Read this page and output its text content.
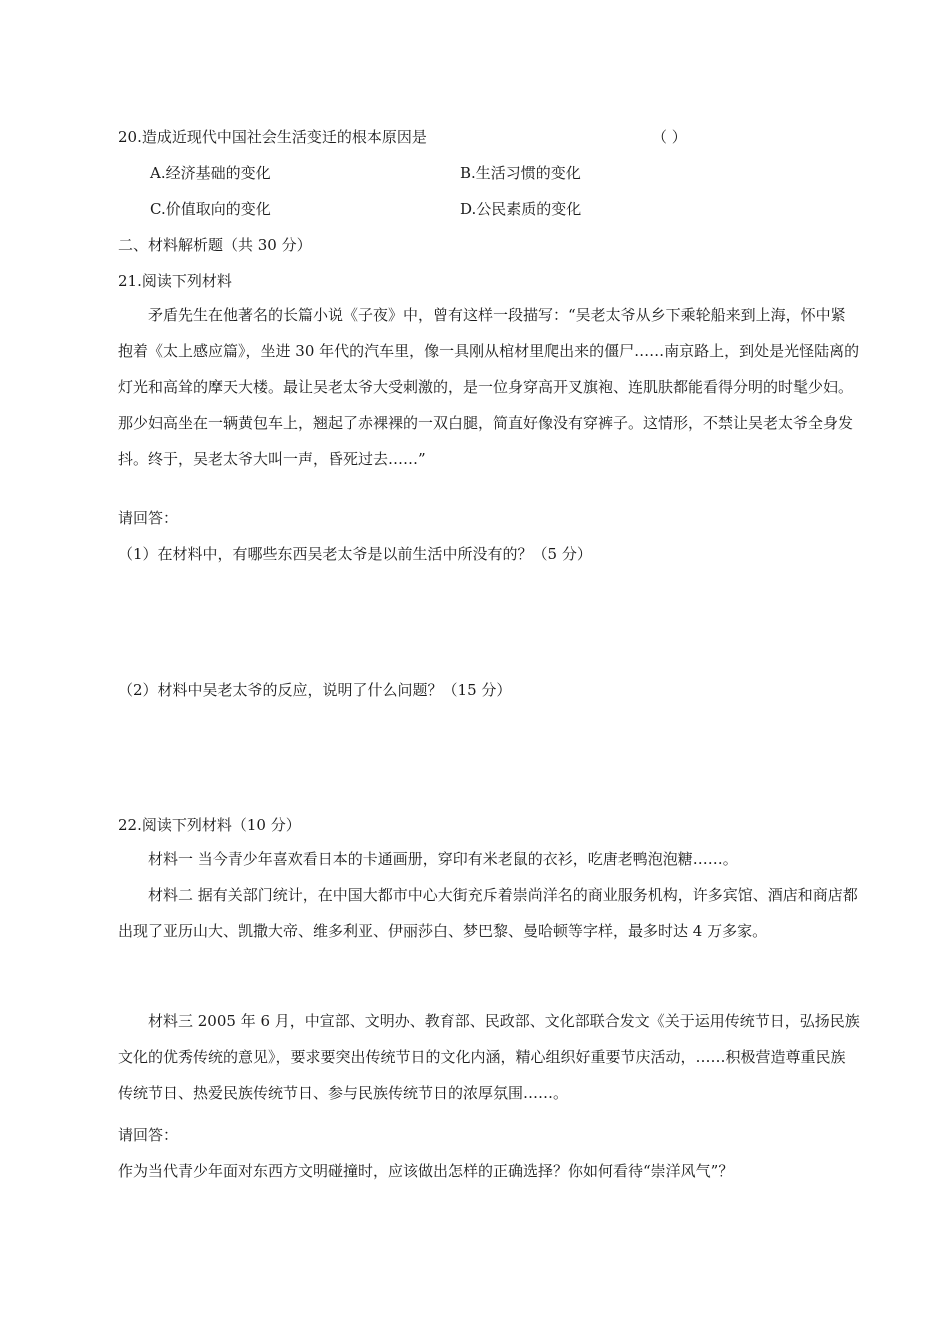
20.造成近现代中国社会生活变迁的根本原因是	（ ）
A.经济基础的变化	B.生活习惯的变化
C.价值取向的变化	D.公民素质的变化
二、材料解析题（共 30 分）
21.阅读下列材料
矛盾先生在他著名的长篇小说《子夜》中，曾有这样一段描写：“吴老太爷从乡下乘轮船来到上海，怀中紧抱着《太上感应篇》，坐进 30 年代的汽车里，像一具刚从棺材里爬出来的僵尸……南京路上，到处是光怪陆离的灯光和高耸的摩天大楼。最让吴老太爷大受刺激的，是一位身穿高开叉旗袍、连肌肤都能看得分明的时髦少妇。那少妇高坐在一辆黄包车上，翘起了赤裸裸的一双白腿，简直好像没有穿裤子。这情形，不禁让吴老太爷全身发抖。终于，吴老太爷大叫一声，昏死过去……”
请回答：
（1）在材料中，有哪些东西吴老太爷是以前生活中所没有的？（5 分）
（2）材料中吴老太爷的反应，说明了什么问题？（15 分）
22.阅读下列材料（10 分）
材料一 当今青少年喜欢看日本的卡通画册，穿印有米老鼠的衣衫，吃唐老鸭泡泡糖……。
材料二 据有关部门统计，在中国大都市中心大街充斥着崇尚洋名的商业服务机构，许多宾馆、酒店和商店都出现了亚历山大、凯撒大帝、维多利亚、伊丽莎白、梦巴黎、曼哈顿等字样，最多时达 4 万多家。
材料三 2005 年 6 月，中宣部、文明办、教育部、民政部、文化部联合发文《关于运用传统节日，弘扬民族文化的优秀传统的意见》，要求要突出传统节日的文化内涵，精心组织好重要节庆活动，……积极营造尊重民族传统节日、热爱民族传统节日、参与民族传统节日的浓厚氛围……。
请回答：
作为当代青少年面对东西方文明碰撞时，应该做出怎样的正确选择？你如何看待“崇洋风气”？
